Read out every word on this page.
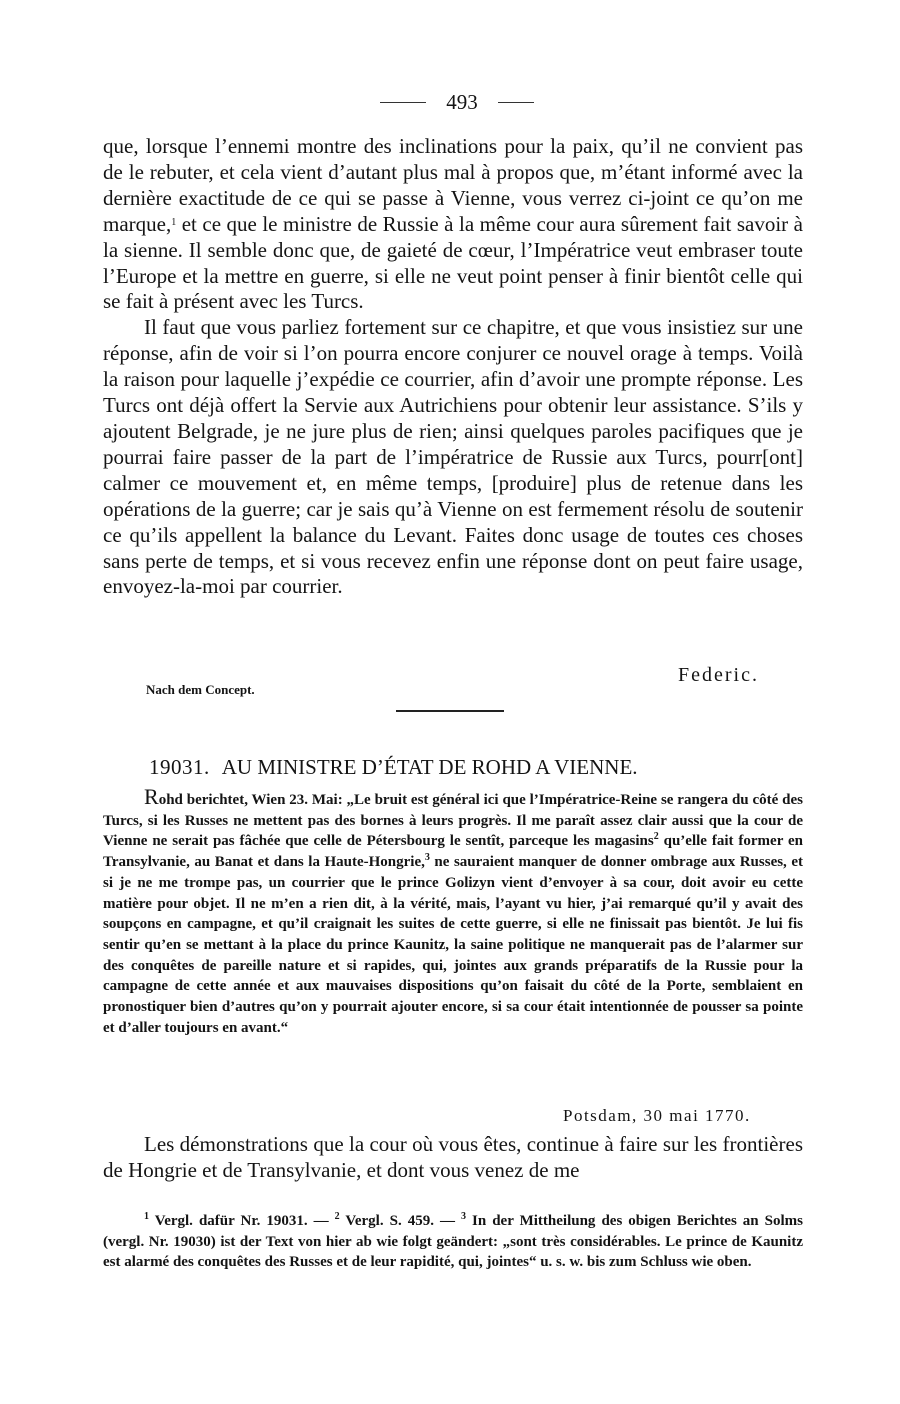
493

que, lorsque l’ennemi montre des inclinations pour la paix, qu’il ne convient pas de le rebuter, et cela vient d’autant plus mal à propos que, m’étant informé avec la dernière exactitude de ce qui se passe à Vienne, vous verrez ci-joint ce qu’on me marque,$^1$ et ce que le ministre de Russie à la même cour aura sûrement fait savoir à la sienne. Il semble donc que, de gaieté de cœur, l’Impératrice veut embraser toute l’Europe et la mettre en guerre, si elle ne veut point penser à finir bientôt celle qui se fait à présent avec les Turcs.

Il faut que vous parliez fortement sur ce chapitre, et que vous insistiez sur une réponse, afin de voir si l’on pourra encore conjurer ce nouvel orage à temps. Voilà la raison pour laquelle j’expédie ce courrier, afin d’avoir une prompte réponse. Les Turcs ont déjà offert la Servie aux Autrichiens pour obtenir leur assistance. S’ils y ajoutent Belgrade, je ne jure plus de rien; ainsi quelques paroles pacifiques que je pourrai faire passer de la part de l’impératrice de Russie aux Turcs, pourr[ont] calmer ce mouvement et, en même temps, [produire] plus de retenue dans les opérations de la guerre; car je sais qu’à Vienne on est fermement résolu de soutenir ce qu’ils appellent la balance du Levant. Faites donc usage de toutes ces choses sans perte de temps, et si vous recevez enfin une réponse dont on peut faire usage, envoyez-la-moi par courrier.

Federic.
Nach dem Concept.
19031. AU MINISTRE D’ÉTAT DE ROHD A VIENNE.

Rohd berichtet, Wien 23. Mai: „Le bruit est général ici que l’Impératrice-Reine se rangera du côté des Turcs, si les Russes ne mettent pas des bornes à leurs progrès. Il me paraît assez clair aussi que la cour de Vienne ne serait pas fâchée que celle de Pétersbourg le sentît, parceque les magasins$^2$ qu’elle fait former en Transylvanie, au Banat et dans la Haute-Hongrie,$^3$ ne sauraient manquer de donner ombrage aux Russes, et si je ne me trompe pas, un courrier que le prince Golizyn vient d’envoyer à sa cour, doit avoir eu cette matière pour objet. Il ne m’en a rien dit, à la vérité, mais, l’ayant vu hier, j’ai remarqué qu’il y avait des soupçons en campagne, et qu’il craignait les suites de cette guerre, si elle ne finissait pas bientôt. Je lui fis sentir qu’en se mettant à la place du prince Kaunitz, la saine politique ne manquerait pas de l’alarmer sur des conquêtes de pareille nature et si rapides, qui, jointes aux grands préparatifs de la Russie pour la campagne de cette année et aux mauvaises dispositions qu’on faisait du côté de la Porte, semblaient en pronostiquer bien d’autres qu’on y pourrait ajouter encore, si sa cour était intentionnée de pousser sa pointe et d’aller toujours en avant.“

Potsdam, 30 mai 1770.

Les démonstrations que la cour où vous êtes, continue à faire sur les frontières de Hongrie et de Transylvanie, et dont vous venez de me

$^1$ Vergl. dafür Nr. 19031. — $^2$ Vergl. S. 459. — $^3$ In der Mittheilung des obigen Berichtes an Solms (vergl. Nr. 19030) ist der Text von hier ab wie folgt geändert: „sont très considérables. Le prince de Kaunitz est alarmé des conquêtes des Russes et de leur rapidité, qui, jointes“ u. s. w. bis zum Schluss wie oben.
